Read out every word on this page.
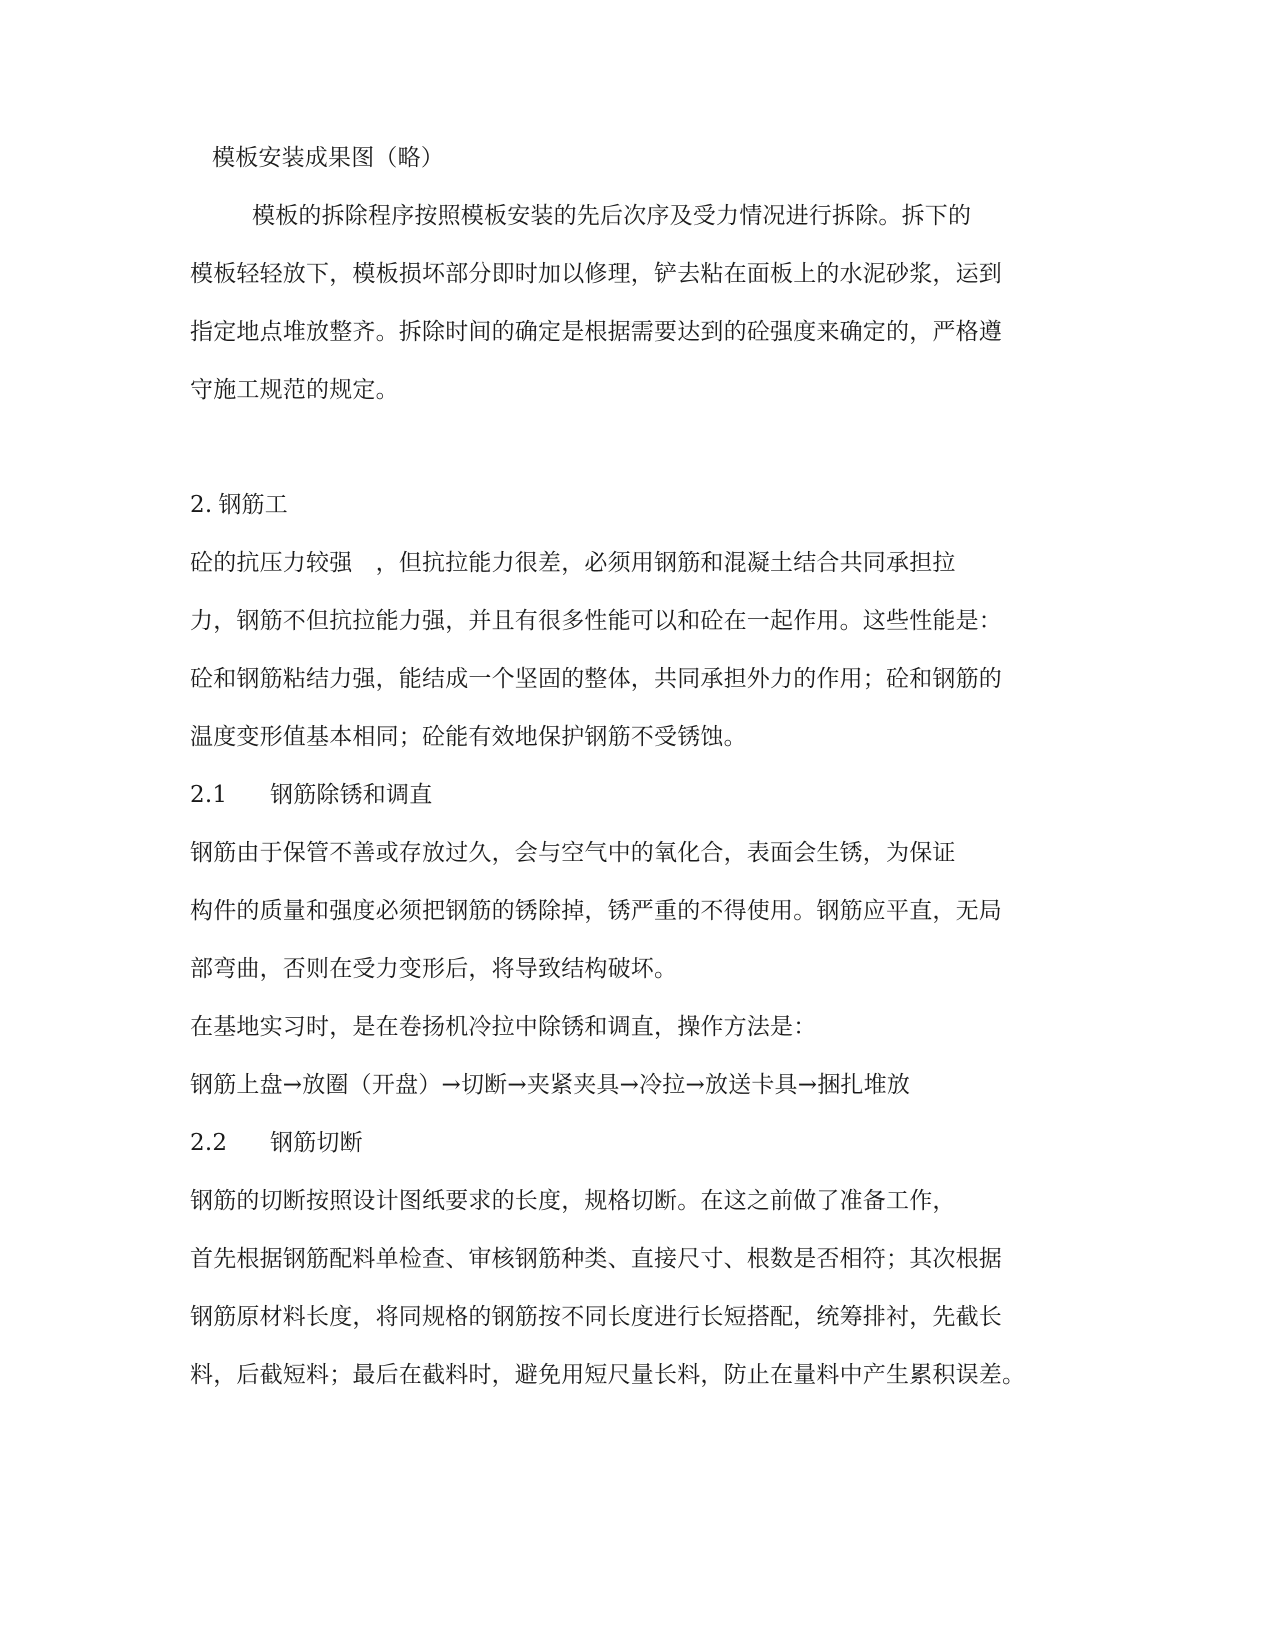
模板安装成果图（略）
模板的拆除程序按照模板安装的先后次序及受力情况进行拆除。拆下的
模板轻轻放下，模板损坏部分即时加以修理，铲去粘在面板上的水泥砂浆，运到
指定地点堆放整齐。拆除时间的确定是根据需要达到的砼强度来确定的，严格遵
守施工规范的规定。
2. 钢筋工
砼的抗压力较强　，但抗拉能力很差，必须用钢筋和混凝土结合共同承担拉
力，钢筋不但抗拉能力强，并且有很多性能可以和砼在一起作用。这些性能是：
砼和钢筋粘结力强，能结成一个坚固的整体，共同承担外力的作用；砼和钢筋的
温度变形值基本相同；砼能有效地保护钢筋不受锈蚀。
2.1 钢筋除锈和调直
钢筋由于保管不善或存放过久，会与空气中的氧化合，表面会生锈，为保证
构件的质量和强度必须把钢筋的锈除掉，锈严重的不得使用。钢筋应平直，无局
部弯曲，否则在受力变形后，将导致结构破坏。
在基地实习时，是在卷扬机冷拉中除锈和调直，操作方法是：
钢筋上盘→放圈（开盘）→切断→夹紧夹具→冷拉→放送卡具→捆扎堆放
2.2 钢筋切断
钢筋的切断按照设计图纸要求的长度，规格切断。在这之前做了准备工作，
首先根据钢筋配料单检查、审核钢筋种类、直接尺寸、根数是否相符；其次根据
钢筋原材料长度，将同规格的钢筋按不同长度进行长短搭配，统筹排衬，先截长
料，后截短料；最后在截料时，避免用短尺量长料，防止在量料中产生累积误差。
